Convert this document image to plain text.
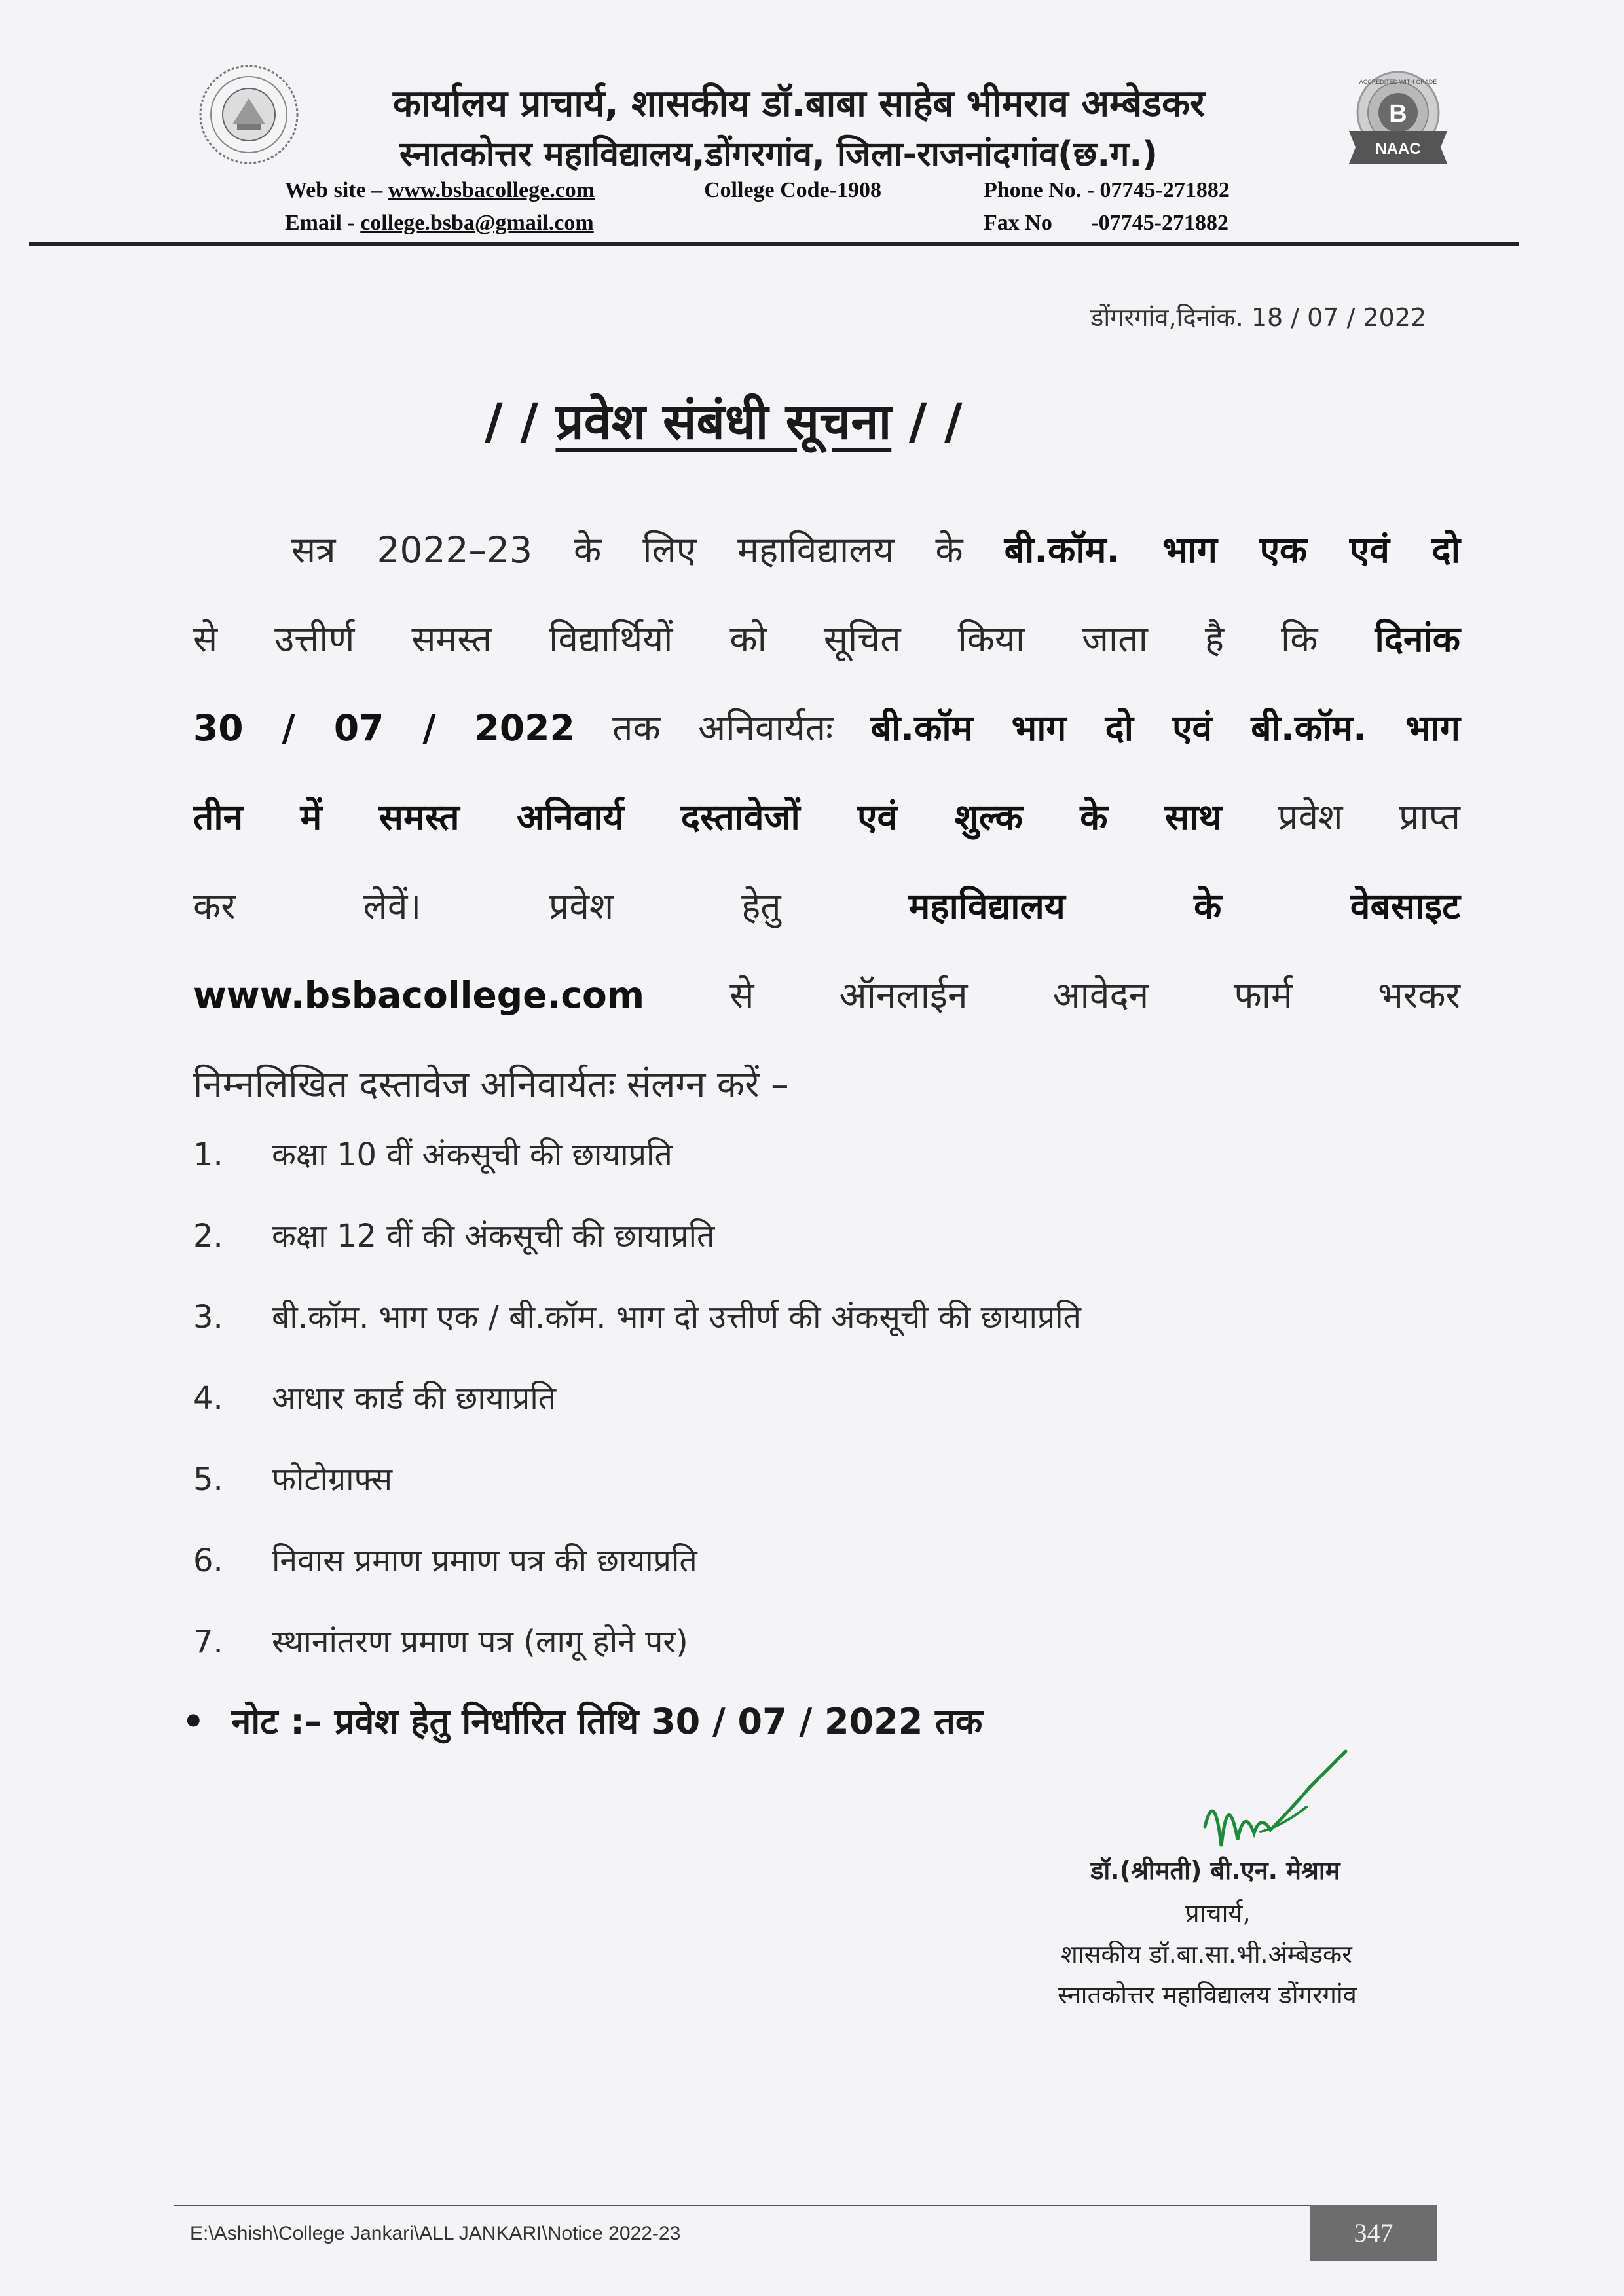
कार्यालय प्राचार्य, शासकीय डॉ.बाबा साहेब भीमराव अम्बेडकर
स्नातकोत्तर महाविद्यालय,डोंगरगांव, जिला-राजनांदगांव(छ.ग.)
Web site – www.bsbacollege.com	College Code-1908	Phone No. - 07745-271882
Email - college.bsba@gmail.com	Fax No       -07745-271882
B
ACCREDITED WITH GRADE
NAAC
डोंगरगांव,दिनांक. 18 / 07 / 2022
/ / प्रवेश संबंधी सूचना / /
सत्र 2022–23 के लिए महाविद्यालय के बी.कॉम. भाग एक एवं दो
से उत्तीर्ण समस्त विद्यार्थियों को सूचित किया जाता है कि दिनांक
30 / 07 / 2022 तक अनिवार्यतः बी.कॉम भाग दो एवं बी.कॉम. भाग
तीन में समस्त अनिवार्य दस्तावेजों एवं शुल्क के साथ प्रवेश प्राप्त
कर लेवें। प्रवेश हेतु	महाविद्यालय के वेबसाइट
www.bsbacollege.com से ऑनलाईन आवेदन फार्म भरकर
निम्नलिखित दस्तावेज अनिवार्यतः संलग्न करें –
1. कक्षा 10 वीं अंकसूची की छायाप्रति
2. कक्षा 12 वीं की अंकसूची की छायाप्रति
3. बी.कॉम. भाग एक / बी.कॉम. भाग दो उत्तीर्ण की अंकसूची की छायाप्रति
4. आधार कार्ड की छायाप्रति
5. फोटोग्राफ्स
6. निवास प्रमाण प्रमाण पत्र की छायाप्रति
7. स्थानांतरण प्रमाण पत्र (लागू होने पर)
• नोट :– प्रवेश हेतु निर्धारित तिथि 30 / 07 / 2022 तक
डॉ.(श्रीमती) बी.एन. मेश्राम
प्राचार्य,
शासकीय डॉ.बा.सा.भी.अंम्बेडकर
स्नातकोत्तर महाविद्यालय डोंगरगांव
E:\Ashish\College Jankari\ALL JANKARI\Notice 2022-23	347
